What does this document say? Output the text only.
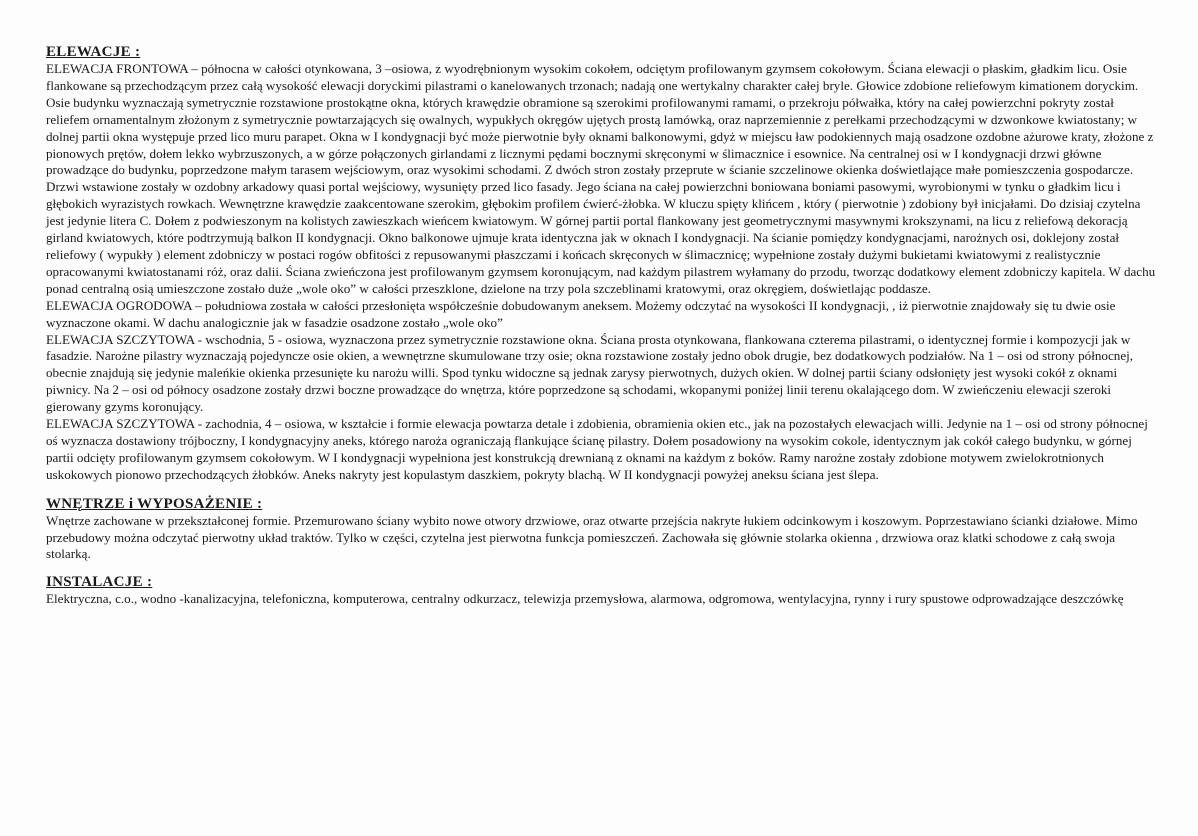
ELEWACJE :

ELEWACJA FRONTOWA – północna w całości otynkowana, 3 –osiowa, z wyodrębnionym wysokim cokołem, odciętym profilowanym gzymsem cokołowym. Ściana elewacji o płaskim, gładkim licu. Osie flankowane są przechodzącym przez całą wysokość elewacji doryckimi pilastrami o kanelowanych trzonach; nadają one wertykalny charakter całej bryle. Głowice zdobione reliefowym kimationem doryckim. Osie budynku wyznaczają symetrycznie rozstawione prostokątne okna, których krawędzie obramione są szerokimi profilowanymi ramami, o przekroju półwałka, który na całej powierzchni pokryty został reliefem ornamentalnym złożonym z symetrycznie powtarzających się owalnych, wypukłych okręgów ujętych prostą lamówką, oraz naprzemiennie z perełkami przechodzącymi w dzwonkowe kwiatostany; w dolnej partii okna występuje przed lico muru parapet. Okna w I kondygnacji być może pierwotnie były oknami balkonowymi, gdyż w miejscu ław podokiennych mają osadzone ozdobne ażurowe kraty, złożone z pionowych prętów, dołem lekko wybrzuszonych, a w górze połączonych girlandami z licznymi pędami bocznymi skręconymi w ślimacznice i esownice. Na centralnej osi w I kondygnacji drzwi główne prowadzące do budynku, poprzedzone małym tarasem wejściowym, oraz wysokimi schodami. Z dwóch stron zostały przeprute w ścianie szczelinowe okienka doświetlające małe pomieszczenia gospodarcze. Drzwi wstawione zostały w ozdobny arkadowy quasi portal wejściowy, wysunięty przed lico fasady. Jego ściana na całej powierzchni boniowana boniami pasowymi, wyrobionymi w tynku o gładkim licu i głębokich wyrazistych rowkach. Wewnętrzne krawędzie zaakcentowane szerokim, głębokim profilem ćwierć-żłobka. W kluczu spięty klińcem , który ( pierwotnie ) zdobiony był inicjałami. Do dzisiaj czytelna jest jedynie litera C. Dołem z podwieszonym na kolistych zawieszkach wieńcem kwiatowym. W górnej partii portal flankowany jest geometrycznymi masywnymi krokszynami, na licu z reliefową dekoracją girland kwiatowych, które podtrzymują balkon II kondygnacji. Okno balkonowe ujmuje krata identyczna jak w oknach I kondygnacji. Na ścianie pomiędzy kondygnacjami, narożnych osi, doklejony został reliefowy ( wypukły ) element zdobniczy w postaci rogów obfitości z repusowanymi płaszczami i końcach skręconych w ślimacznicę; wypełnione zostały dużymi bukietami kwiatowymi z realistycznie opracowanymi kwiatostanami róż, oraz dalii. Ściana zwieńczona jest profilowanym gzymsem koronującym, nad każdym pilastrem wyłamany do przodu, tworząc dodatkowy element zdobniczy kapitela. W dachu ponad centralną osią umieszczone zostało duże „wole oko” w całości przeszklone, dzielone na trzy pola szczeblinami kratowymi, oraz okręgiem, doświetlając poddasze.
ELEWACJA OGRODOWA – południowa została w całości przesłonięta współcześnie dobudowanym aneksem. Możemy odczytać na wysokości II kondygnacji, , iż pierwotnie znajdowały się tu dwie osie wyznaczone okami. W dachu analogicznie jak w fasadzie osadzone zostało „wole oko”
ELEWACJA SZCZYTOWA - wschodnia, 5 - osiowa, wyznaczona przez symetrycznie rozstawione okna. Ściana prosta otynkowana, flankowana czterema pilastrami, o identycznej formie i kompozycji jak w fasadzie. Narożne pilastry wyznaczają pojedyncze osie okien, a wewnętrzne skumulowane trzy osie; okna rozstawione zostały jedno obok drugie, bez dodatkowych podziałów. Na 1 – osi od strony północnej, obecnie znajdują się jedynie maleńkie okienka przesunięte ku narożu willi. Spod tynku widoczne są jednak zarysy pierwotnych, dużych okien. W dolnej partii ściany odsłonięty jest wysoki cokół z oknami piwnicy. Na 2 – osi od północy osadzone zostały drzwi boczne prowadzące do wnętrza, które poprzedzone są schodami, wkopanymi poniżej linii terenu okalającego dom. W zwieńczeniu elewacji szeroki gierowany gzyms koronujący.
ELEWACJA SZCZYTOWA - zachodnia, 4 – osiowa, w kształcie i formie elewacja powtarza detale i zdobienia, obramienia okien etc., jak na pozostałych elewacjach willi. Jedynie na 1 – osi od strony północnej oś wyznacza dostawiony trójboczny, I kondygnacyjny aneks, którego naroża ograniczają flankujące ścianę pilastry. Dołem posadowiony na wysokim cokole, identycznym jak cokół całego budynku, w górnej partii odcięty profilowanym gzymsem cokołowym. W I kondygnacji wypełniona jest konstrukcją drewnianą z oknami na każdym z boków. Ramy narożne zostały zdobione motywem zwielokrotnionych uskokowych pionowo przechodzących żłobków. Aneks nakryty jest kopulastym daszkiem, pokryty blachą. W II kondygnacji powyżej aneksu ściana jest ślepa.

WNĘTRZE i WYPOSAŻENIE :

Wnętrze zachowane w przekształconej formie. Przemurowano ściany wybito nowe otwory drzwiowe, oraz otwarte przejścia nakryte łukiem odcinkowym i koszowym. Poprzestawiano ścianki działowe. Mimo przebudowy można odczytać pierwotny układ traktów. Tylko w części, czytelna jest pierwotna funkcja pomieszczeń. Zachowała się głównie stolarka okienna , drzwiowa oraz klatki schodowe z całą swoja stolarką.

INSTALACJE :

Elektryczna, c.o., wodno -kanalizacyjna, telefoniczna, komputerowa, centralny odkurzacz, telewizja przemysłowa, alarmowa, odgromowa, wentylacyjna, rynny i rury spustowe odprowadzające deszczówkę
